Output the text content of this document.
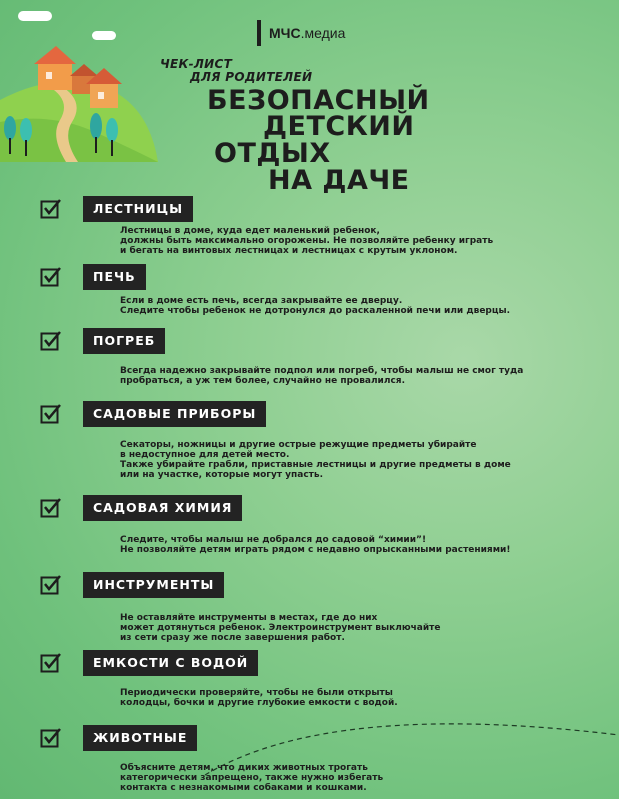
МЧС.медиа
ЧЕК-ЛИСТ
ДЛЯ РОДИТЕЛЕЙ
БЕЗОПАСНЫЙ
ДЕТСКИЙ
ОТДЫХ
НА ДАЧЕ
ЛЕСТНИЦЫ
Лестницы в доме, куда едет маленький ребенок,
должны быть максимально огорожены. Не позволяйте ребенку играть
и бегать на винтовых лестницах и лестницах с крутым уклоном.
ПЕЧЬ
Если в доме есть печь, всегда закрывайте ее дверцу.
Следите чтобы ребенок не дотронулся до раскаленной печи или дверцы.
ПОГРЕБ
Всегда надежно закрывайте подпол или погреб, чтобы малыш не смог туда
пробраться, а уж тем более, случайно не провалился.
САДОВЫЕ ПРИБОРЫ
Секаторы, ножницы и другие острые режущие предметы убирайте
в недоступное для детей место.
Также убирайте грабли, приставные лестницы и другие предметы в доме
или на участке, которые могут упасть.
САДОВАЯ ХИМИЯ
Следите, чтобы малыш не добрался до садовой “химии”!
Не позволяйте детям играть рядом с недавно опрысканными растениями!
ИНСТРУМЕНТЫ
Не оставляйте инструменты в местах, где до них
может дотянуться ребенок. Электроинструмент выключайте
из сети сразу же после завершения работ.
ЕМКОСТИ С ВОДОЙ
Периодически проверяйте, чтобы не были открыты
колодцы, бочки и другие глубокие емкости с водой.
ЖИВОТНЫЕ
Объясните детям, что диких животных трогать
категорически запрещено, также нужно избегать
контакта с незнакомыми собаками и кошками.
